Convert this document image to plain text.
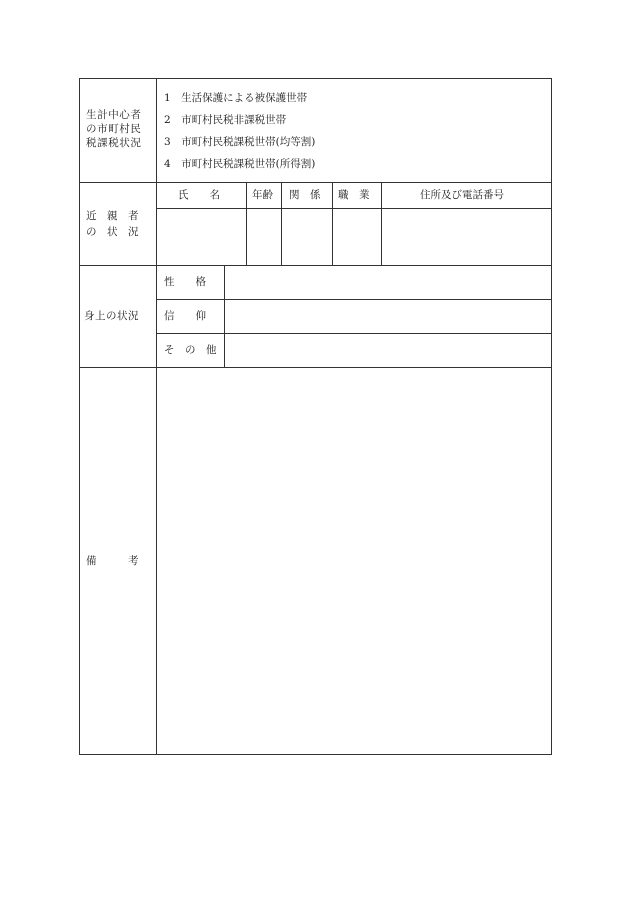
生計中心者
の市町村民
税課税状況
1　生活保護による被保護世帯
2　市町村民税非課税世帯
3　市町村民税課税世帯(均等割)
4　市町村民税課税世帯(所得割)
近　親　者
の　状　況
氏　　名	年齢 関　係 職　業	住所及び電話番号
身上の状況
性　　格
信　　仰
そ　の　他
備　　　考
